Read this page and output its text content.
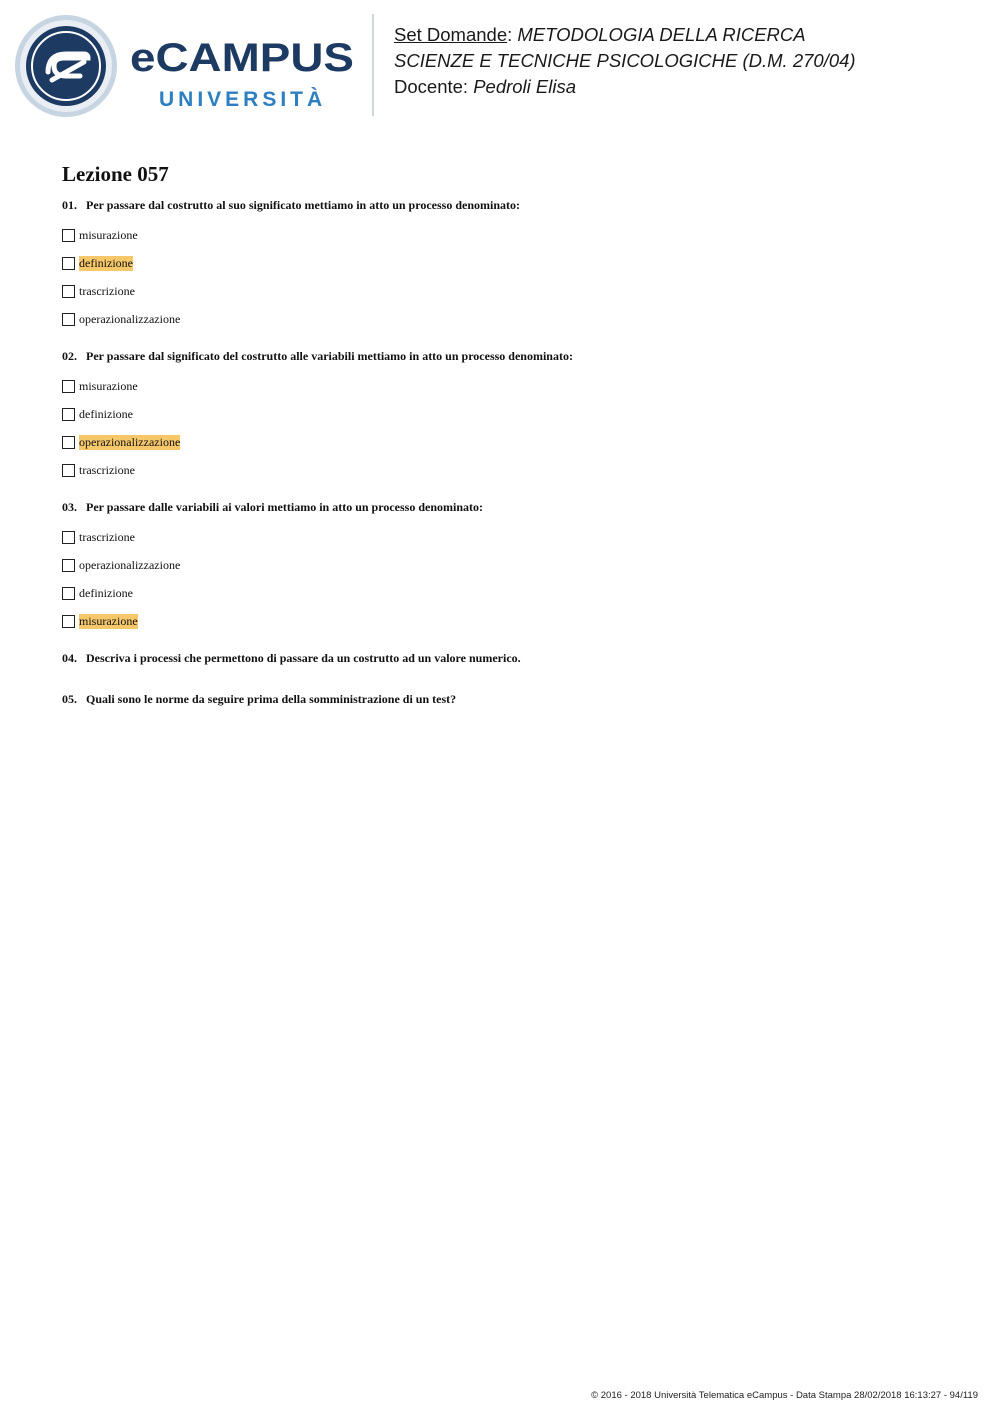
eCAMPUS
UNIVERSITÀ
Set Domande: METODOLOGIA DELLA RICERCA
SCIENZE E TECNICHE PSICOLOGICHE (D.M. 270/04)
Docente: Pedroli Elisa
Lezione 057

01. Per passare dal costrutto al suo significato mettiamo in atto un processo denominato:

misurazione
definizione
trascrizione
operazionalizzazione

02. Per passare dal significato del costrutto alle variabili mettiamo in atto un processo denominato:

misurazione
definizione
operazionalizzazione
trascrizione

03. Per passare dalle variabili ai valori mettiamo in atto un processo denominato:

trascrizione
operazionalizzazione
definizione
misurazione

04. Descriva i processi che permettono di passare da un costrutto ad un valore numerico.

05. Quali sono le norme da seguire prima della somministrazione di un test?

© 2016 - 2018 Università Telematica eCampus - Data Stampa 28/02/2018 16:13:27 - 94/119
